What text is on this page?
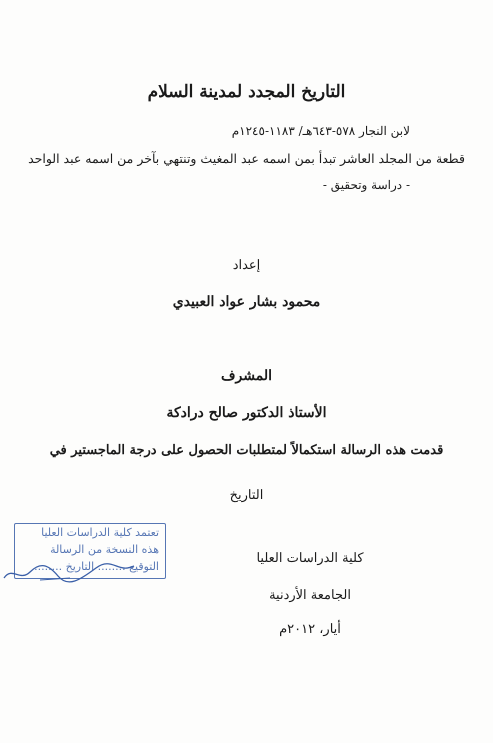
التاريخ المجدد لمدينة السلام
لابن النجار ٥٧٨-٦٤٣هـ/ ١١٨٣-١٢٤٥م
قطعة من المجلد العاشر تبدأ بمن اسمه عبد المغيث وتنتهي بآخر من اسمه عبد الواحد
- دراسة وتحقيق -
إعداد
محمود بشار عواد العبيدي
المشرف
الأستاذ الدكتور صالح درادكة
قدمت هذه الرسالة استكمالاً لمتطلبات الحصول على درجة الماجستير في
التاريخ
كلية الدراسات العليا
الجامعة الأردنية
أيار، ٢٠١٢م
تعتمد كلية الدراسات العليا
هذه النسخة من الرسالة
التوقيع ........ التاريخ ........
